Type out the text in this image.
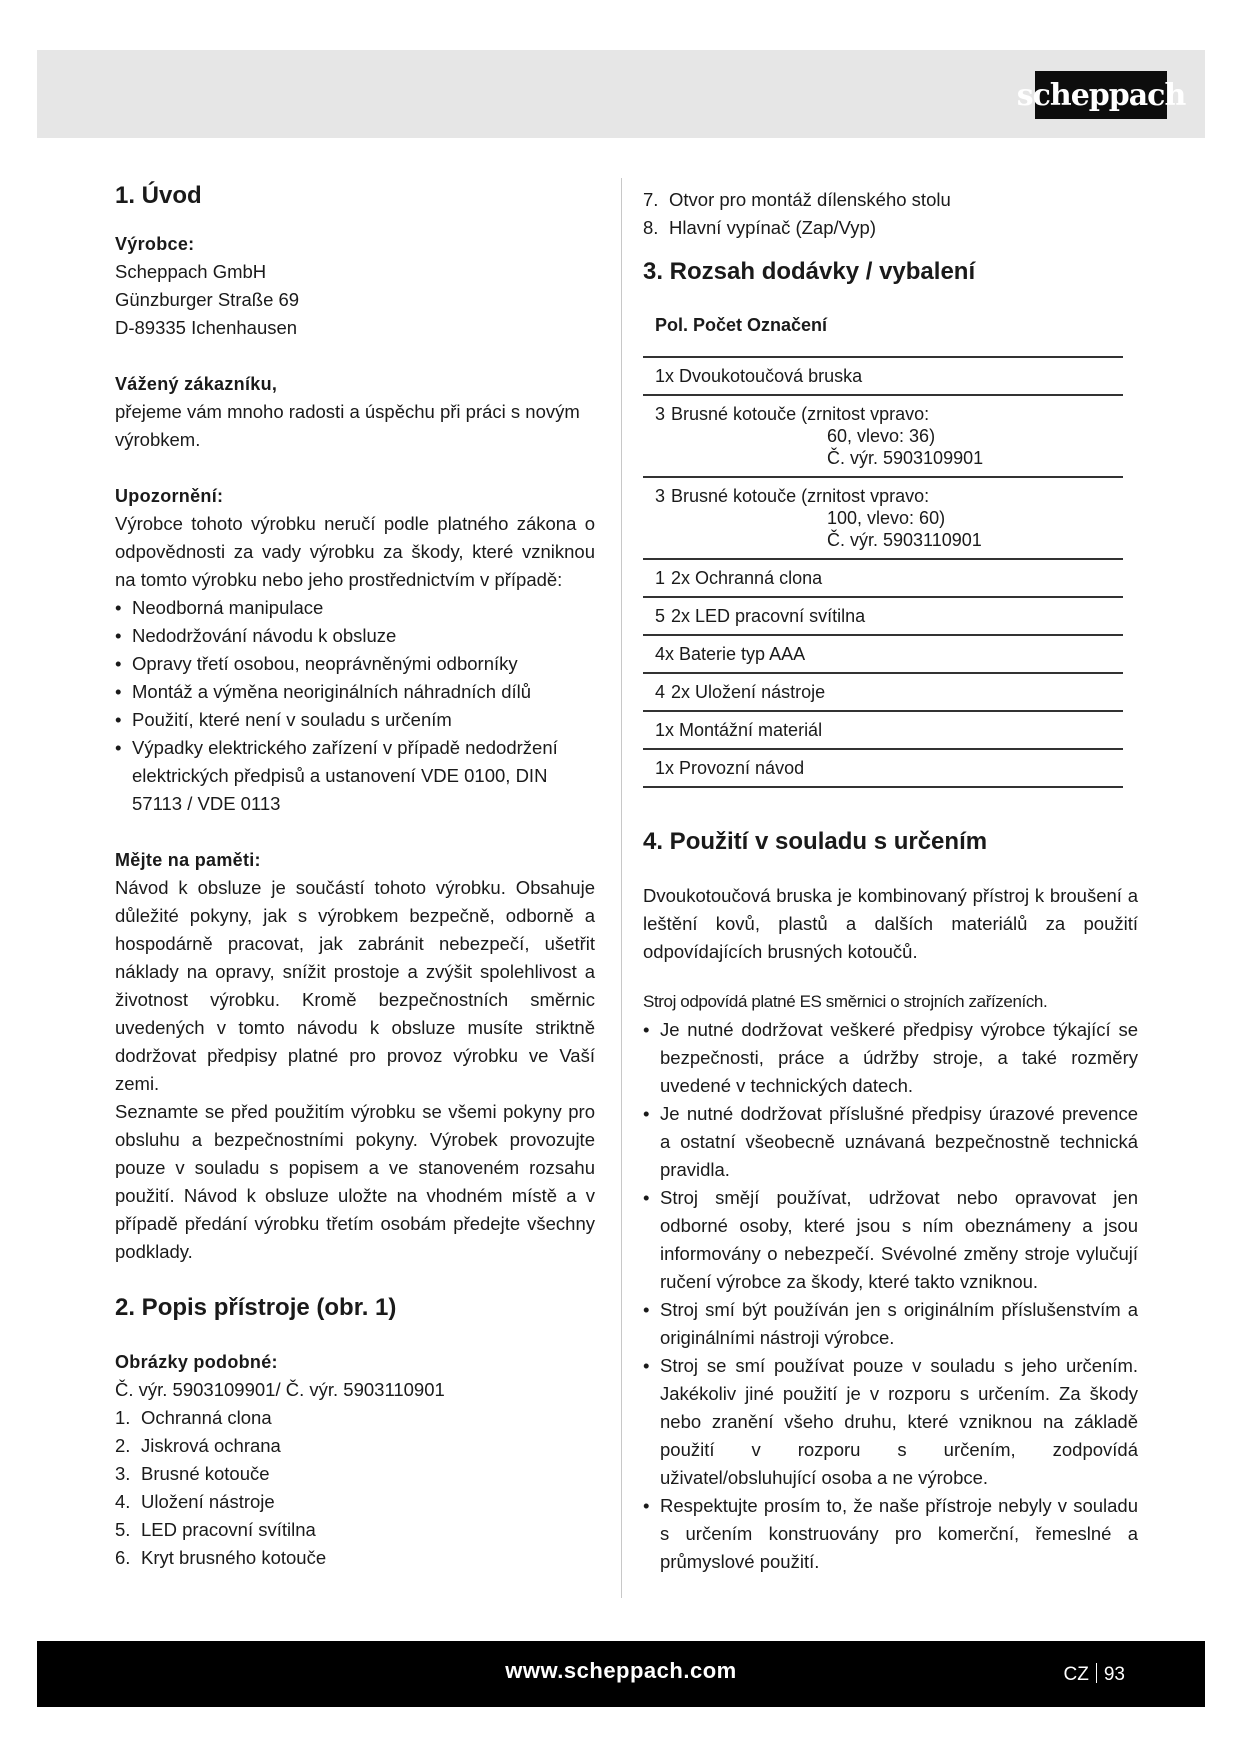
scheppach
1. Úvod
Výrobce:
Scheppach GmbH
Günzburger Straße 69
D-89335 Ichenhausen
Vážený zákazníku,

přejeme vám mnoho radosti a úspěchu při práci s novým výrobkem.

Upozornění:

Výrobce tohoto výrobku neručí podle platného zákona o odpovědnosti za vady výrobku za škody, které vzniknou na tomto výrobku nebo jeho prostřednictvím v případě:

• Neodborná manipulace
• Nedodržování návodu k obsluze
• Opravy třetí osobou, neoprávněnými odborníky
• Montáž a výměna neoriginálních náhradních dílů
• Použití, které není v souladu s určením
• Výpadky elektrického zařízení v případě nedodržení elektrických předpisů a ustanovení VDE 0100, DIN 57113 / VDE 0113
Mějte na paměti:

Návod k obsluze je součástí tohoto výrobku. Obsahuje důležité pokyny, jak s výrobkem bezpečně, odborně a hospodárně pracovat, jak zabránit nebezpečí, ušetřit náklady na opravy, snížit prostoje a zvýšit spolehlivost a životnost výrobku. Kromě bezpečnostních směrnic uvedených v tomto návodu k obsluze musíte striktně dodržovat předpisy platné pro provoz výrobku ve Vaší zemi.

Seznamte se před použitím výrobku se všemi pokyny pro obsluhu a bezpečnostními pokyny. Výrobek provozujte pouze v souladu s popisem a ve stanoveném rozsahu použití. Návod k obsluze uložte na vhodném místě a v případě předání výrobku třetím osobám předejte všechny podklady.

2. Popis přístroje (obr. 1)
Obrázky podobné:
Č. výr. 5903109901/ Č. výr. 5903110901
1. Ochranná clona
2. Jiskrová ochrana
3. Brusné kotouče
4. Uložení nástroje
5. LED pracovní svítilna
6. Kryt brusného kotouče
7. Otvor pro montáž dílenského stolu
8. Hlavní vypínač (Zap/Vyp)
3. Rozsah dodávky / vybalení
Pol. Počet Označení
1x Dvoukotoučová bruska
3 Brusné kotouče (zrnitost vpravo:
60, vlevo: 36)
Č. výr. 5903109901

3 Brusné kotouče (zrnitost vpravo:
100, vlevo: 60)
Č. výr. 5903110901

1 2x Ochranná clona
5 2x LED pracovní svítilna
4x Baterie typ AAA
4 2x Uložení nástroje
1x Montážní materiál
1x Provozní návod
4. Použití v souladu s určením

Dvoukotoučová bruska je kombinovaný přístroj k broušení a leštění kovů, plastů a dalších materiálů za použití odpovídajících brusných kotoučů.

Stroj odpovídá platné ES směrnici o strojních zařízeních.

• Je nutné dodržovat veškeré předpisy výrobce týkající se bezpečnosti, práce a údržby stroje, a také rozměry uvedené v technických datech.
• Je nutné dodržovat příslušné předpisy úrazové prevence a ostatní všeobecně uznávaná bezpečnostně technická pravidla.
• Stroj smějí používat, udržovat nebo opravovat jen odborné osoby, které jsou s ním obeznámeny a jsou informovány o nebezpečí. Svévolné změny stroje vylučují ručení výrobce za škody, které takto vzniknou.
• Stroj smí být používán jen s originálním příslušenstvím a originálními nástroji výrobce.
• Stroj se smí používat pouze v souladu s jeho určením. Jakékoliv jiné použití je v rozporu s určením. Za škody nebo zranění všeho druhu, které vzniknou na základě použití v rozporu s určením, zodpovídá uživatel/obsluhující osoba a ne výrobce.
• Respektujte prosím to, že naše přístroje nebyly v souladu s určením konstruovány pro komerční, řemeslné a průmyslové použití.
www.scheppach.com	CZ 93
